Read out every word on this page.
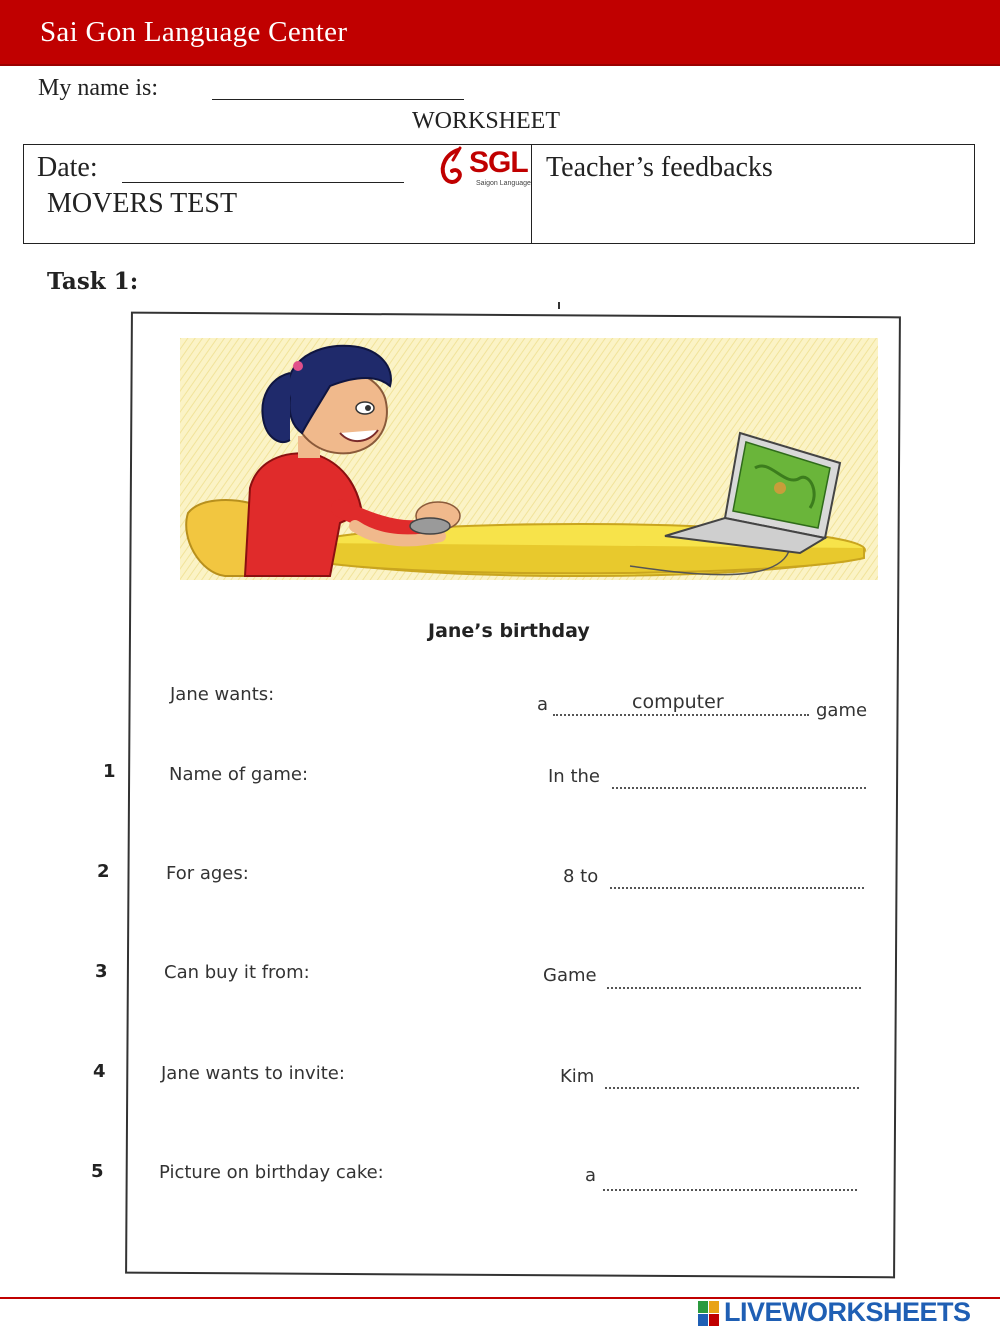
Sai Gon Language Center
My name is:
WORKSHEET
Date:
MOVERS TEST
SGL
Saigon Language
Teacher’s feedbacks
Task 1:
Jane’s birthday
Jane wants:	a	computer	game
1	Name of game:	In the
2	For ages:	8 to
3	Can buy it from:	Game
4	Jane wants to invite:	Kim
5	Picture on birthday cake:	a
LIVEWORKSHEETS
